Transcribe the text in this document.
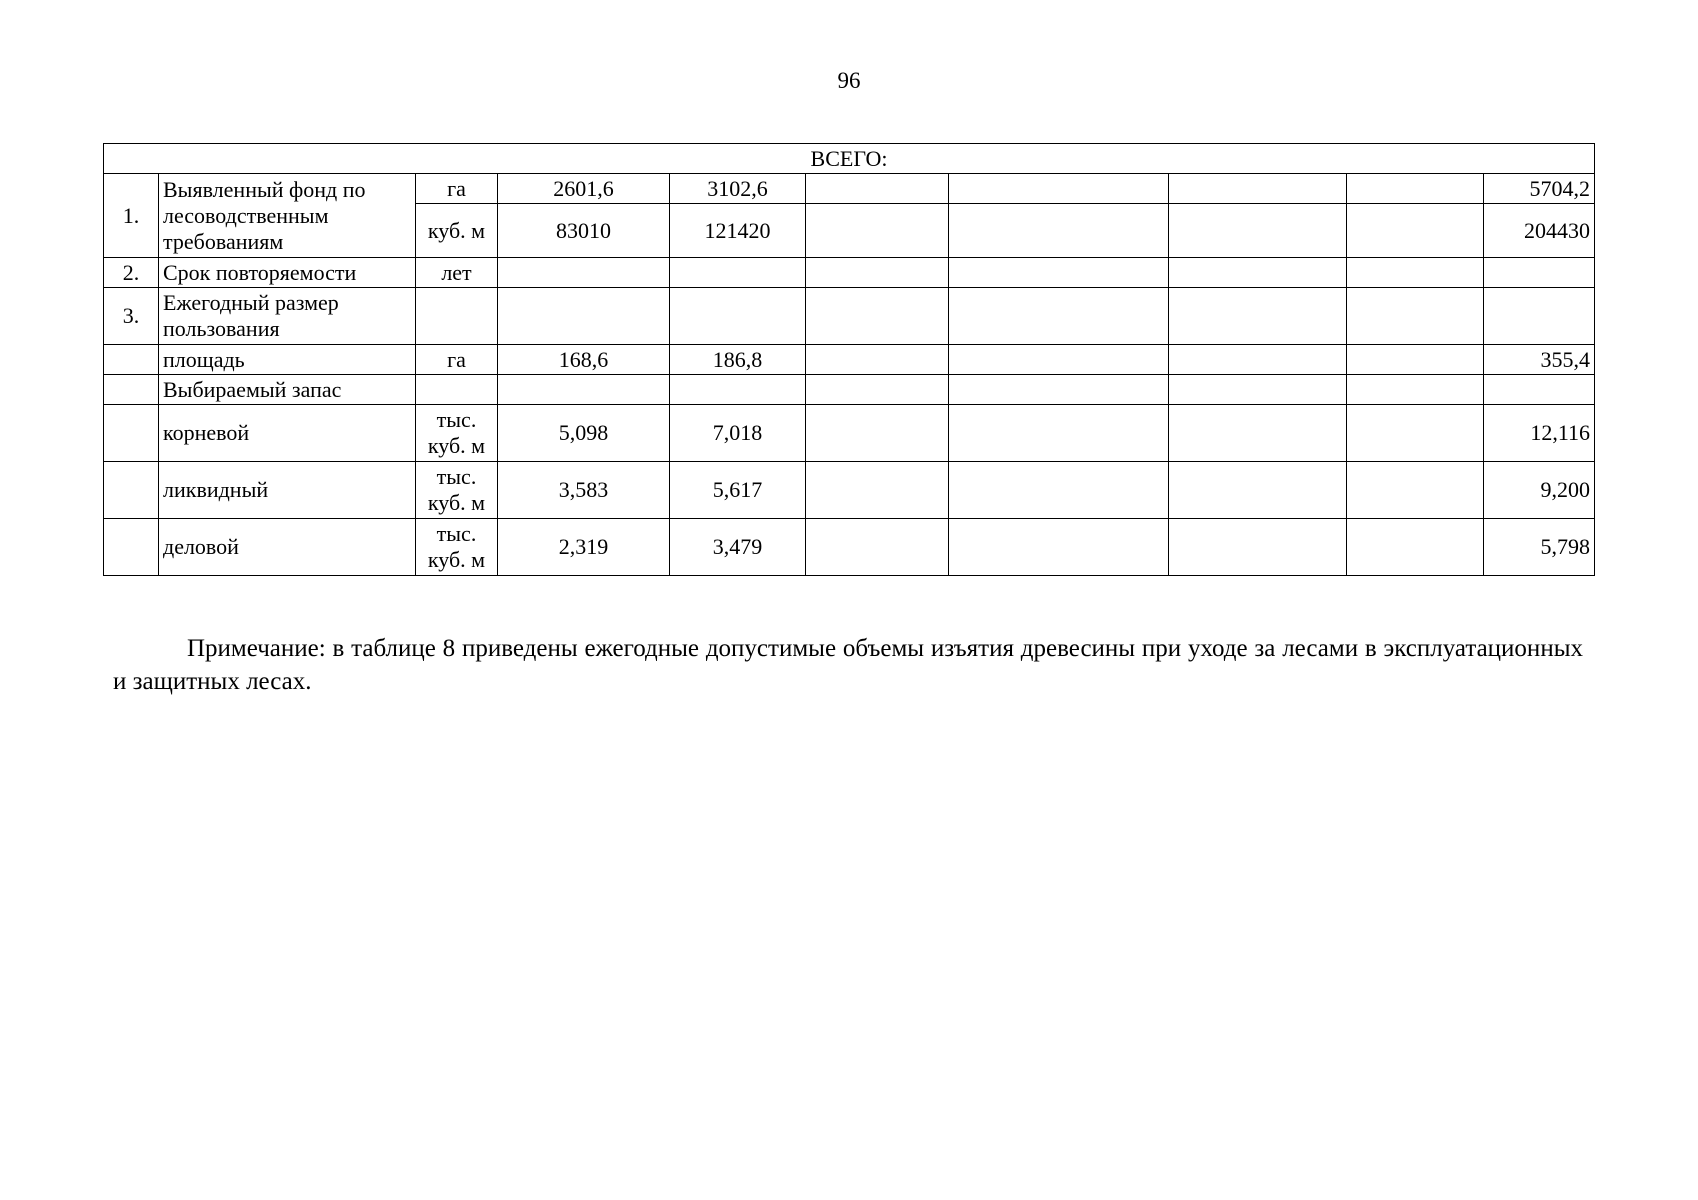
96
ВСЕГО:									
1.	Выявленный фонд по лесоводственным требованиям	га	2601,6	3102,6					5704,2
		куб. м	83010	121420					204430
2.	Срок повторяемости	лет							
3.	Ежегодный размер пользования								
	площадь	га	168,6	186,8					355,4
	Выбираемый запас								
	корневой	тыс. куб. м	5,098	7,018					12,116
	ликвидный	тыс. куб. м	3,583	5,617					9,200
	деловой	тыс. куб. м	2,319	3,479					5,798

Примечание: в таблице 8 приведены ежегодные допустимые объемы изъятия древесины при уходе за лесами в эксплуатационных и защитных лесах.
